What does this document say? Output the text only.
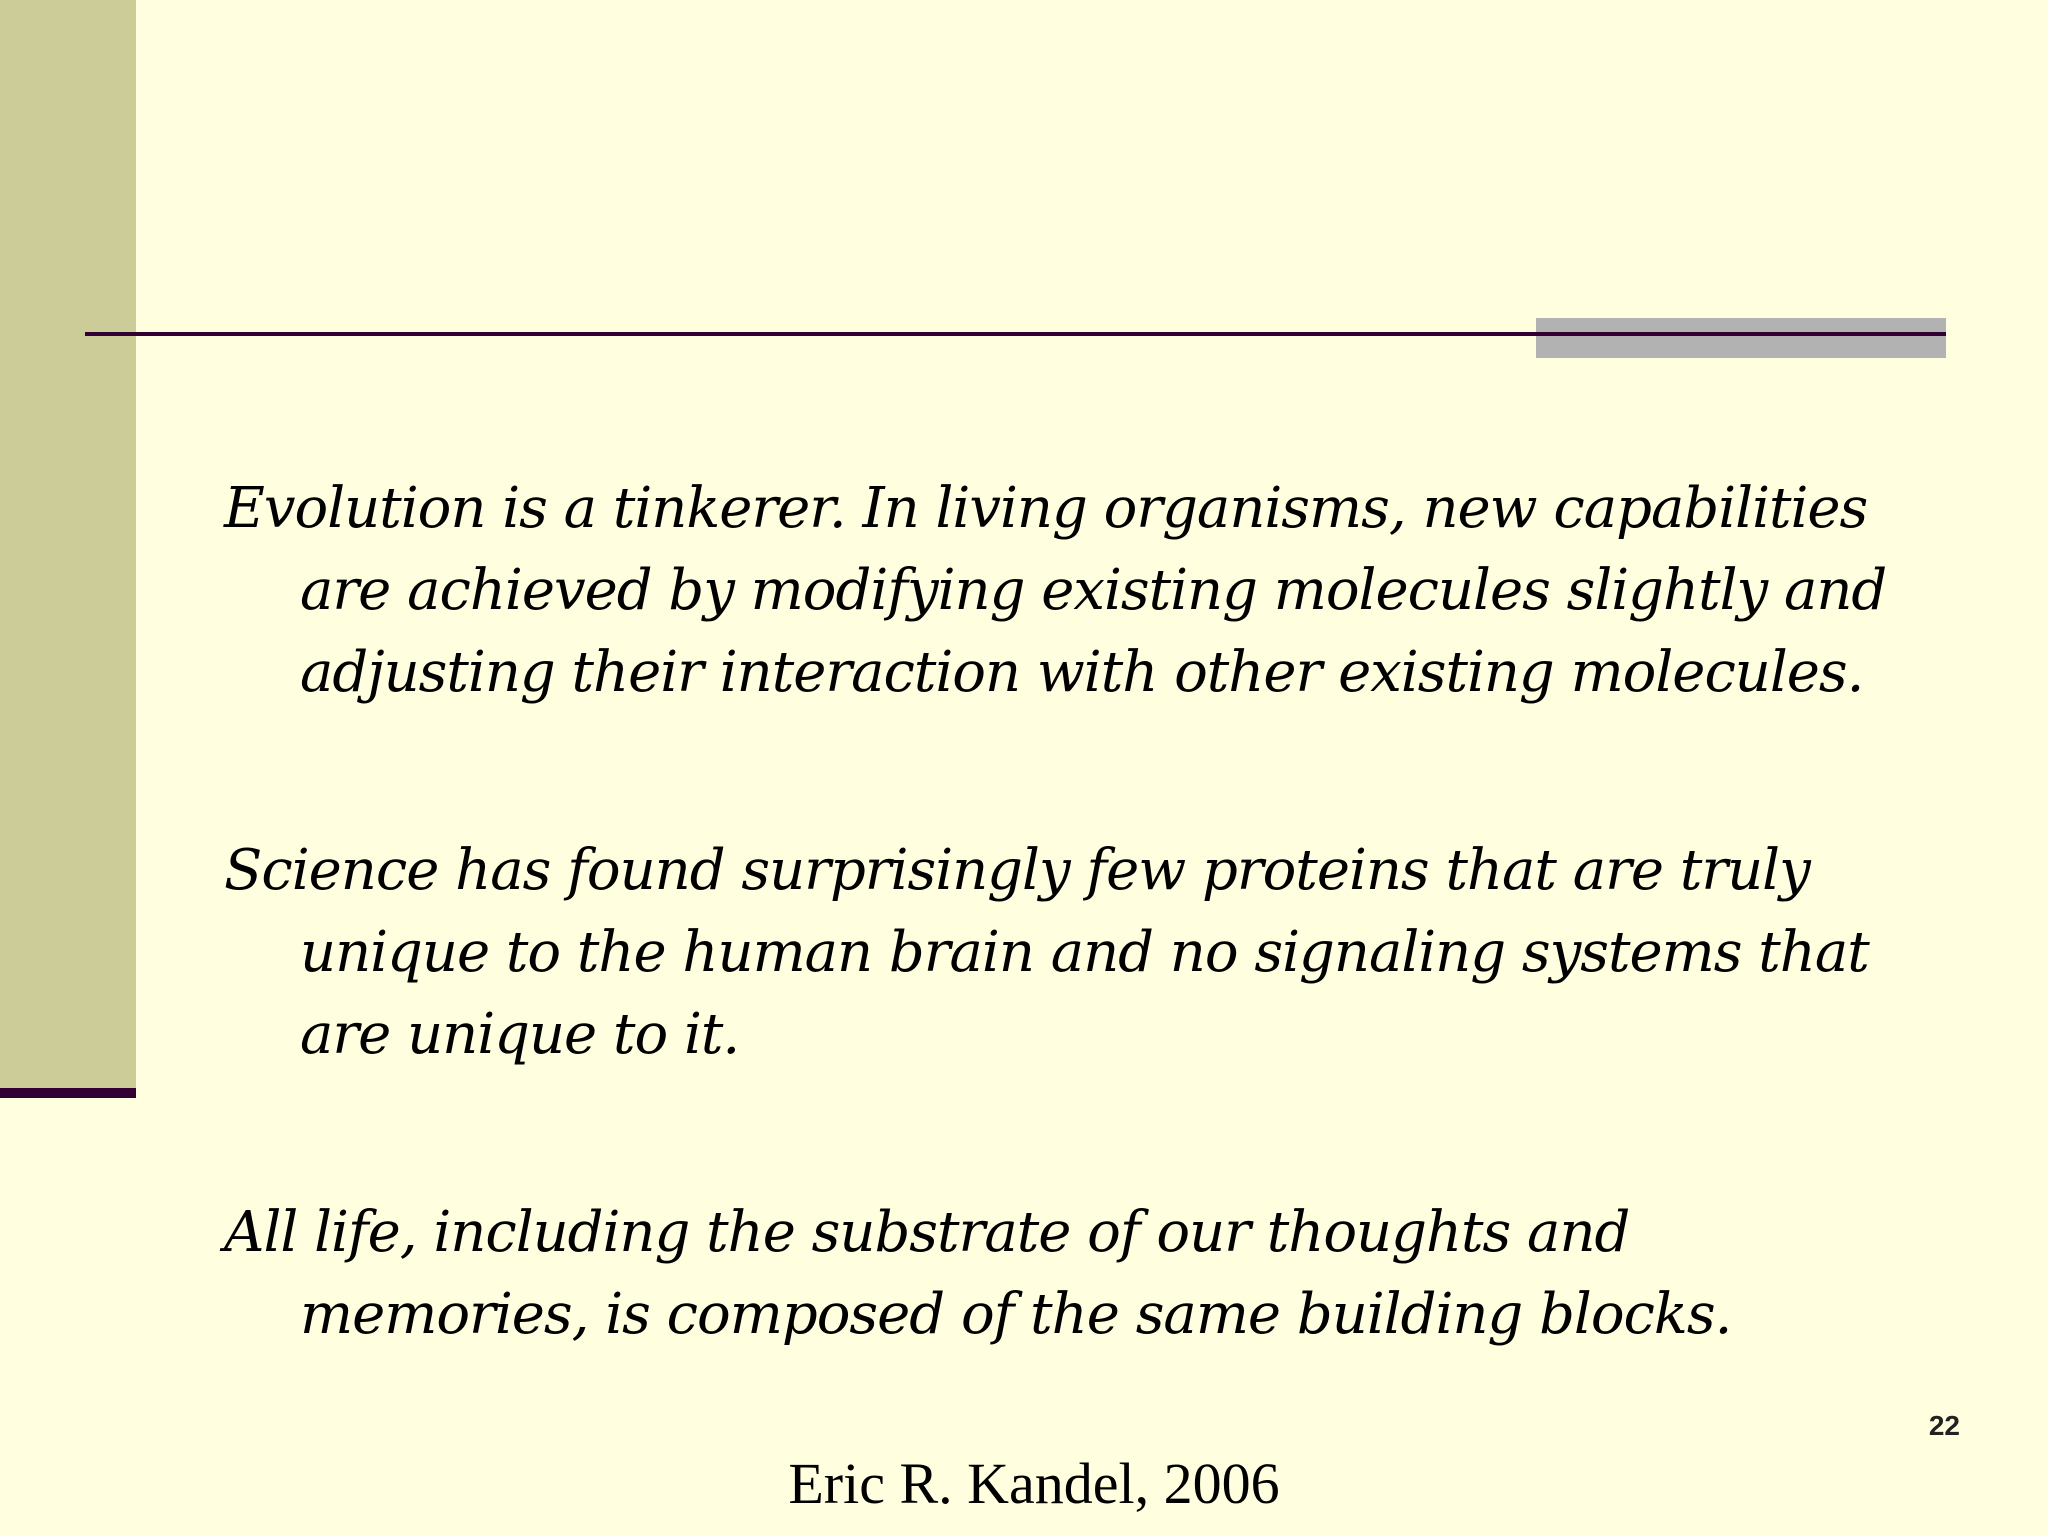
Evolution is a tinkerer. In living organisms, new capabilities
are achieved by modifying existing molecules slightly and
adjusting their interaction with other existing molecules.

Science has found surprisingly few proteins that are truly
unique to the human brain and no signaling systems that
are unique to it.

All life, including the substrate of our thoughts and
memories, is composed of the same building blocks.

22
Eric R. Kandel, 2006
